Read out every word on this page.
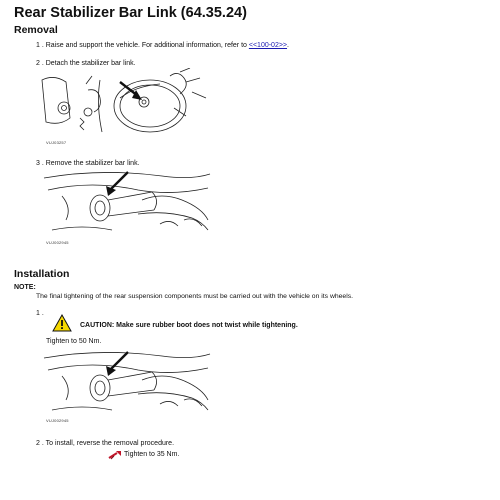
Rear Stabilizer Bar Link (64.35.24)
Removal
1 . Raise and support the vehicle. For additional information, refer to <<100-02>>.
2 . Detach the stabilizer bar link.
VUJ03257
3 . Remove the stabilizer bar link.
VUJ002945
Installation
NOTE:
The final tightening of the rear suspension components must be carried out with the vehicle on its wheels.
1 .
CAUTION: Make sure rubber boot does not twist while tightening.
Tighten to 50 Nm.
VUJ002945
2 . To install, reverse the removal procedure.
Tighten to 35 Nm.
